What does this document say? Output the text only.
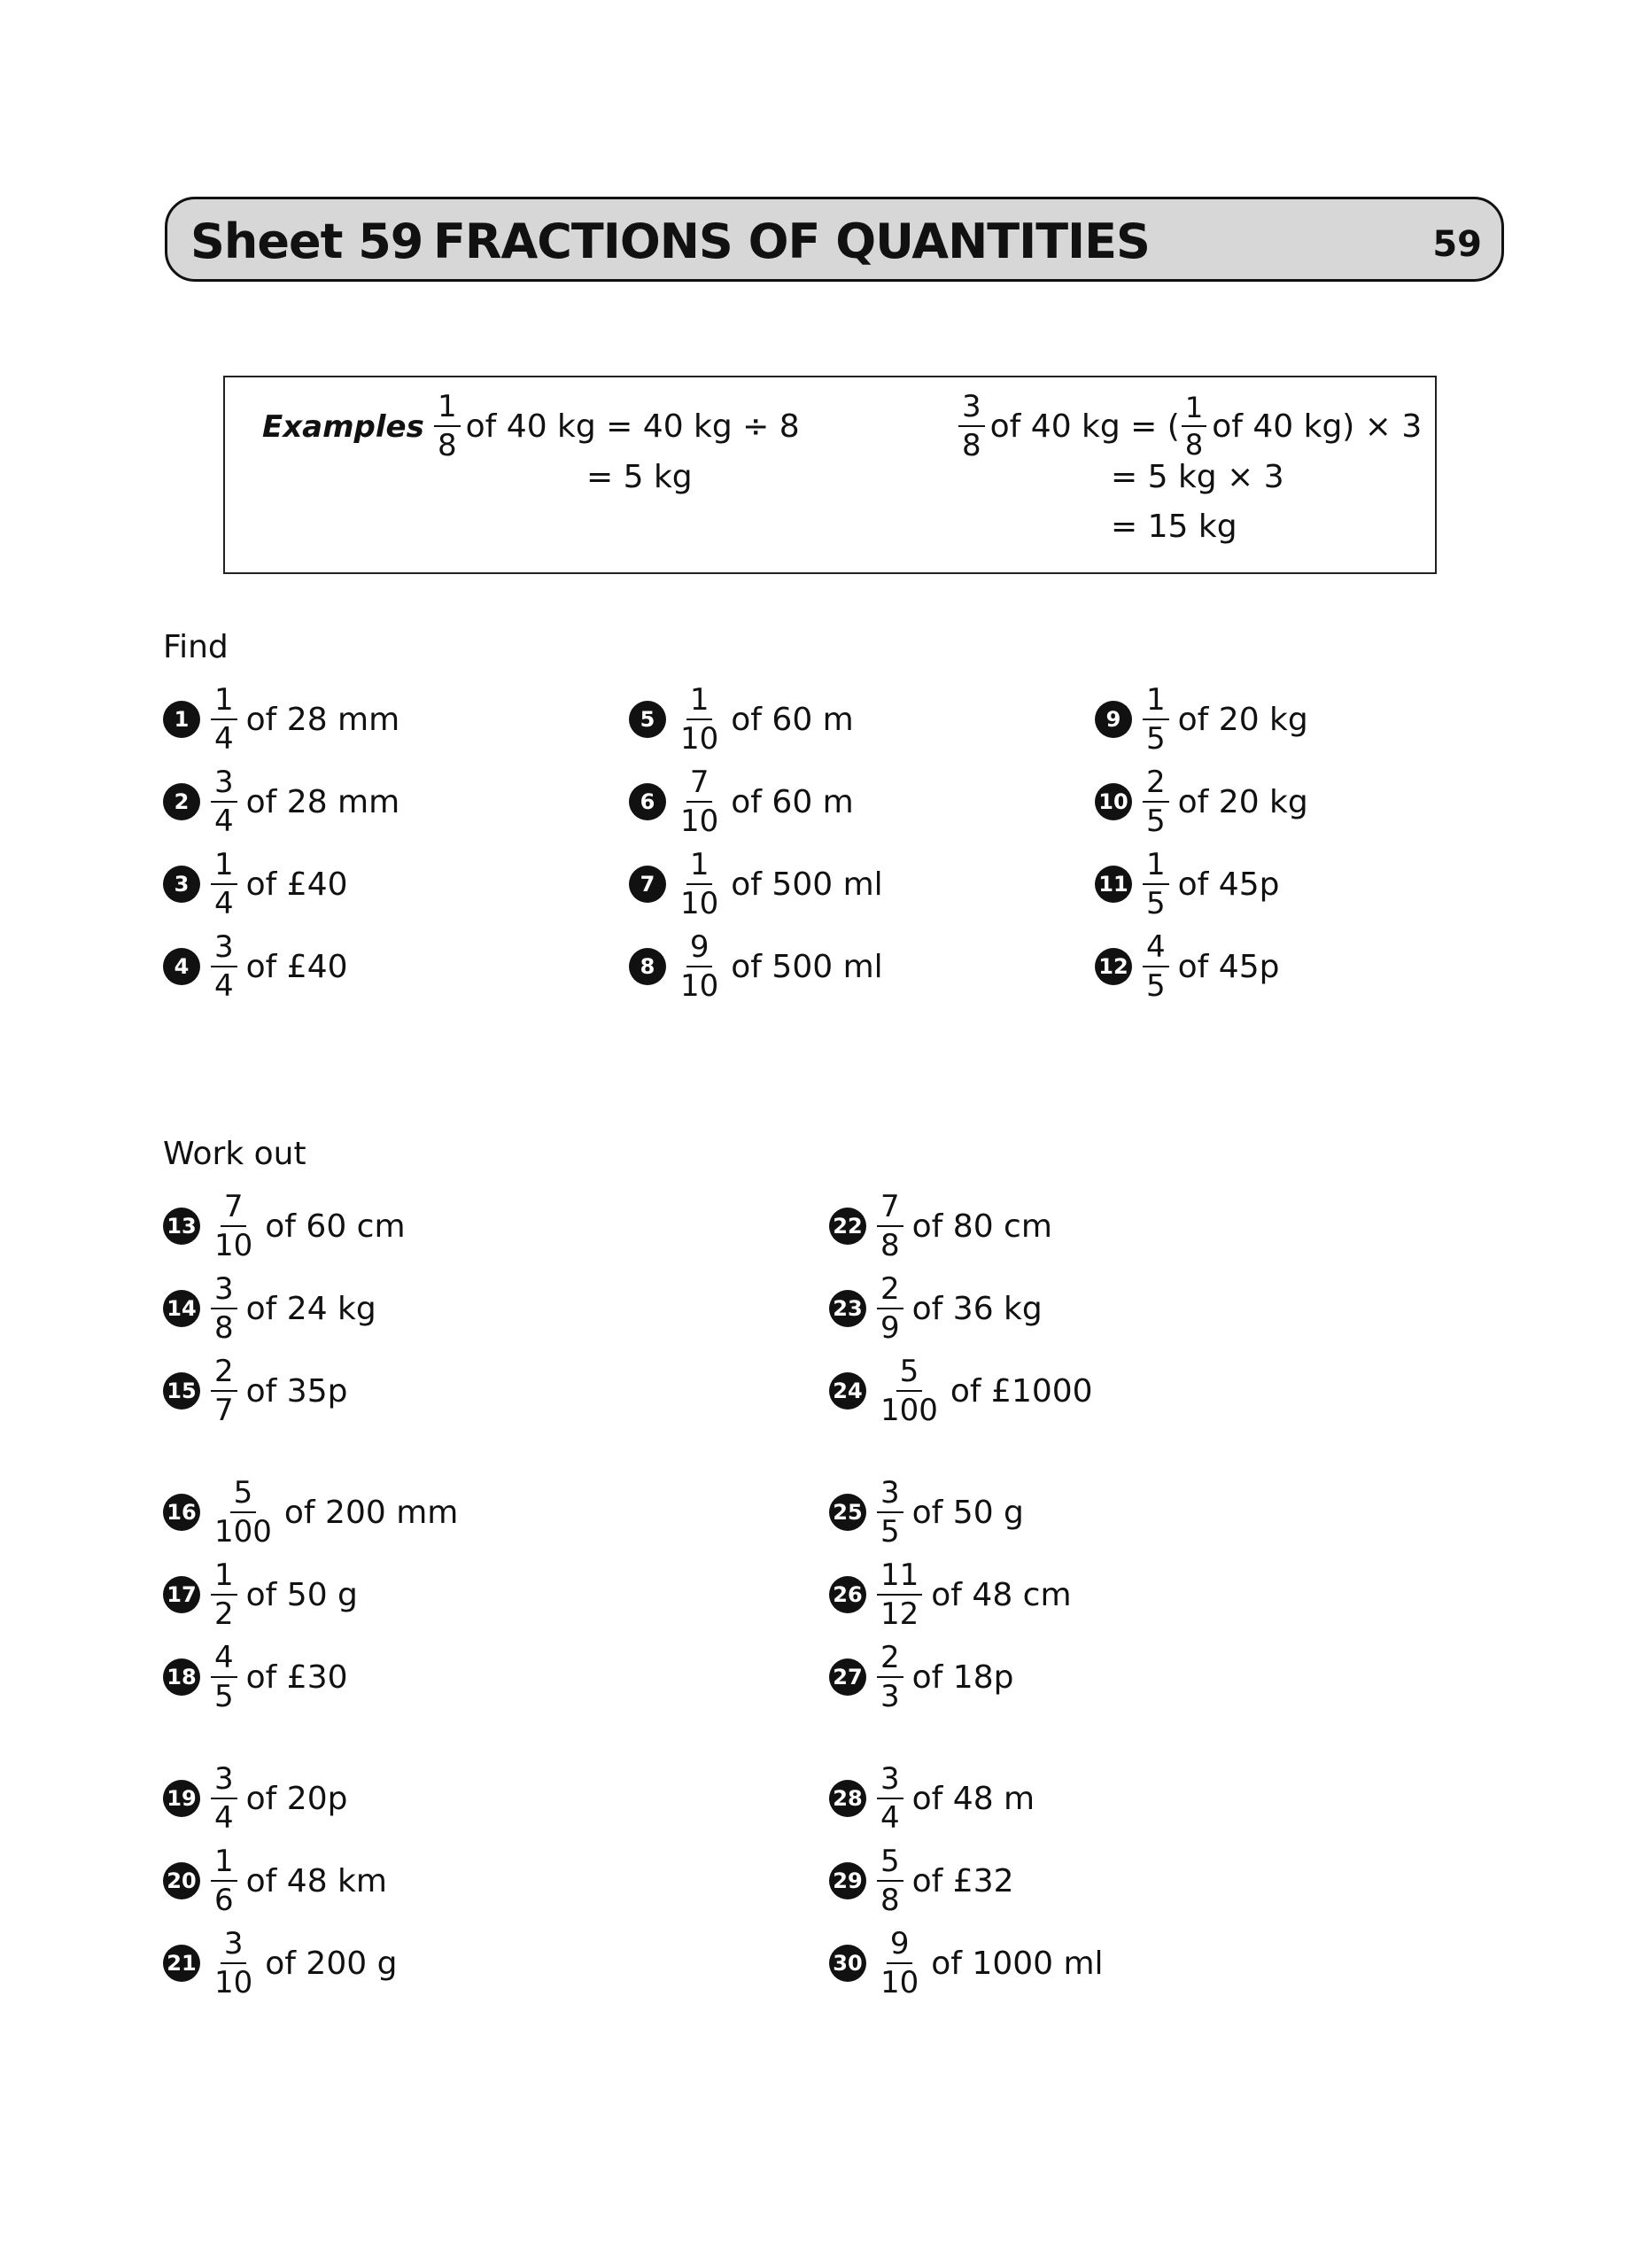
Sheet 59 FRACTIONS OF QUANTITIES	59
Examples $\frac{1}{8}$ of 40 kg = 40 kg ÷ 8
= 5 kg
$\frac{3}{8}$ of 40 kg = ( $\frac{1}{8}$ of 40 kg) × 3
= 5 kg × 3
= 15 kg
Find
$1 \frac{1}{4}$ of 28 mm
$2 \frac{3}{4}$ of 28 mm
$3 \frac{1}{4}$ of £40
$4 \frac{3}{4}$ of £40
$5 \frac{1}{10}$ of 60 m
$6 \frac{7}{10}$ of 60 m
$7 \frac{1}{10}$ of 500 ml
$8 \frac{9}{10}$ of 500 ml
$9 \frac{1}{5}$ of 20 kg
$10 \frac{2}{5}$ of 20 kg
$11 \frac{1}{5}$ of 45p
$12 \frac{4}{5}$ of 45p
Work out
$13 \frac{7}{10}$ of 60 cm
$14 \frac{3}{8}$ of 24 kg
$15 \frac{2}{7}$ of 35p
$16 \frac{5}{100}$ of 200 mm
$17 \frac{1}{2}$ of 50 g
$18 \frac{4}{5}$ of £30
$19 \frac{3}{4}$ of 20p
$20 \frac{1}{6}$ of 48 km
$21 \frac{3}{10}$ of 200 g
$22 \frac{7}{8}$ of 80 cm
$23 \frac{2}{9}$ of 36 kg
$24 \frac{5}{100}$ of £1000
$25 \frac{3}{5}$ of 50 g
$26 \frac{11}{12}$ of 48 cm
$27 \frac{2}{3}$ of 18p
$28 \frac{3}{4}$ of 48 m
$29 \frac{5}{8}$ of £32
$30 \frac{9}{10}$ of 1000 ml
